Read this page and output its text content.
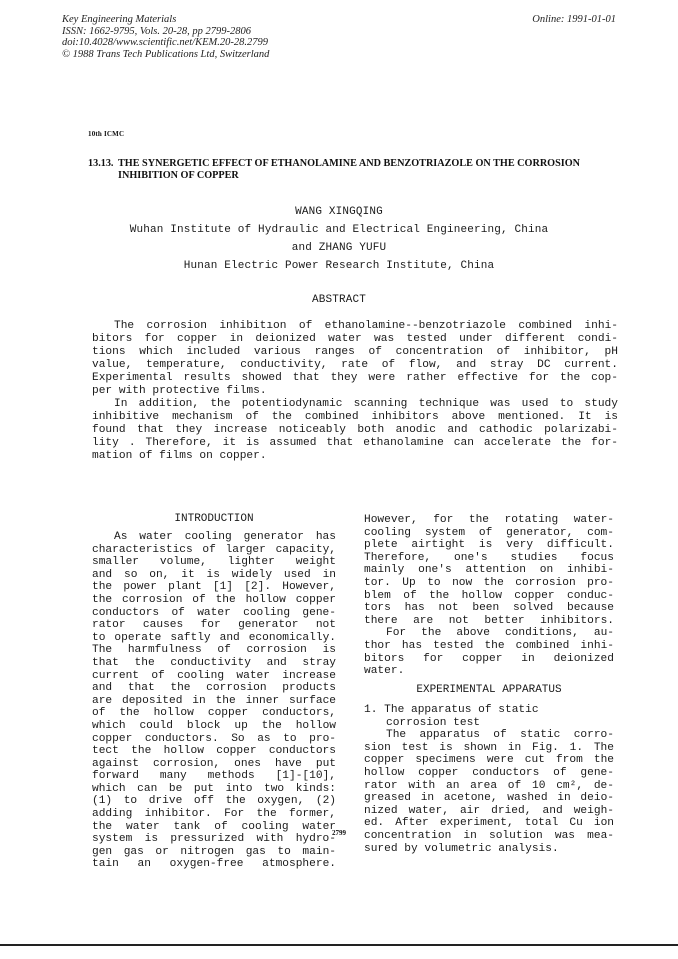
Key Engineering Materials
ISSN: 1662-9795, Vols. 20-28, pp 2799-2806
doi:10.4028/www.scientific.net/KEM.20-28.2799
© 1988 Trans Tech Publications Ltd, Switzerland
Online: 1991-01-01
10th ICMC
13.13. THE SYNERGETIC EFFECT OF ETHANOLAMINE AND BENZOTRIAZOLE ON THE CORROSION INHIBITION OF COPPER
WANG XINGQING
Wuhan Institute of Hydraulic and Electrical Engineering, China
and ZHANG YUFU
Hunan Electric Power Research Institute, China
ABSTRACT
The corrosion inhibitıon of ethanolamine--benzotriazole combined inhi-
bitors for copper in deionized water was tested under different condi-
tions which included various ranges of concentration of inhibitor, pH
value, temperature, conductivity, rate of flow, and stray DC current.
Experimental results showed that they were rather effective for the cop-
per with protective films.
In addition, the potentiodynamic scanning technique was used to study
inhibitive mechanism of the combined inhibitors above mentioned. It is
found that they increase noticeably both anodic and cathodic polarizabi-
lity . Therefore, it is assumed that ethanolamine can accelerate the for-
mation of films on copper.
INTRODUCTION
As water cooling generator has
characteristics of larger capacity,
smaller volume, lighter weight
and so on, it is widely used in
the power plant [1] [2]. However,
the corrosion of the hollow copper
conductors of water cooling gene-
rator causes for generator not
to operate saftly and economically.
The harmfulness of corrosion is
that the conductivity and stray
current of cooling water increase
and that the corrosion products
are deposited in the inner surface
of the hollow copper conductors,
which could block up the hollow
copper conductors. So as to pro-
tect the hollow copper conductors
against corrosion, ones have put
forward many methods [1]-[10],
which can be put into two kinds:
(1) to drive off the oxygen, (2)
adding inhibitor. For the former,
the water tank of cooling water
system is pressurized with hydro-
gen gas or nitrogen gas to main-
tain an oxygen-free atmosphere.
However, for the rotating water-
cooling system of generator, com-
plete airtight is very difficult.
Therefore, one's studies focus
mainly one's attention on inhibi-
tor. Up to now the corrosion pro-
blem of the hollow copper conduc-
tors has not been solved because
there are not better inhibitors.
For the above conditions, au-
thor has tested the combined inhi-
bitors for copper in deionized
water.
EXPERIMENTAL APPARATUS
1. The apparatus of static
corrosion test
The apparatus of static corro-
sion test is shown in Fig. 1. The
copper specimens were cut from the
hollow copper conductors of gene-
rator with an area of 10 cm², de-
greased in acetone, washed in deio-
nized water, air dried, and weigh-
ed. After experiment, total Cu ion
concentration in solution was mea-
sured by volumetric analysis.
2799
